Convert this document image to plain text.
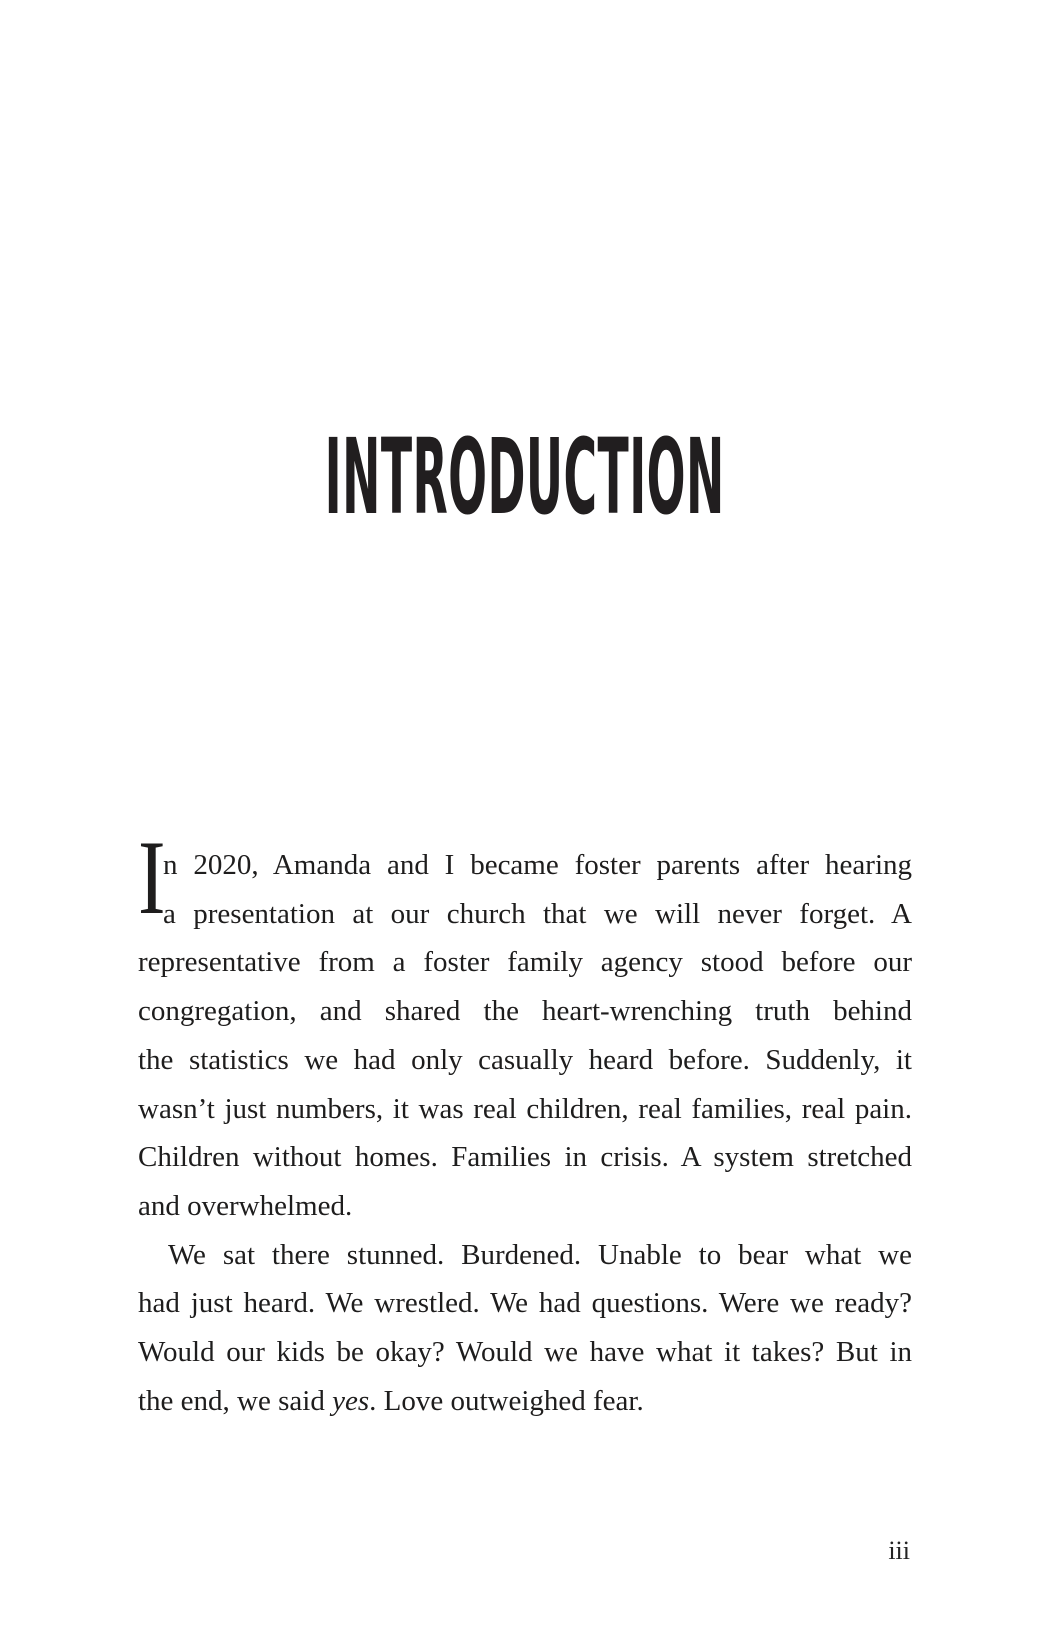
INTRODUCTION
I
n 2020, Amanda and I became foster parents after hearing
a presentation at our church that we will never forget. A
representative from a foster family agency stood before our
congregation, and shared the heart-wrenching truth behind
the statistics we had only casually heard before. Suddenly, it
wasn’t just numbers, it was real children, real families, real pain.
Children without homes. Families in crisis. A system stretched
and overwhelmed.
We sat there stunned. Burdened. Unable to bear what we
had just heard. We wrestled. We had questions. Were we ready?
Would our kids be okay? Would we have what it takes? But in
the end, we said yes. Love outweighed fear.
iii
